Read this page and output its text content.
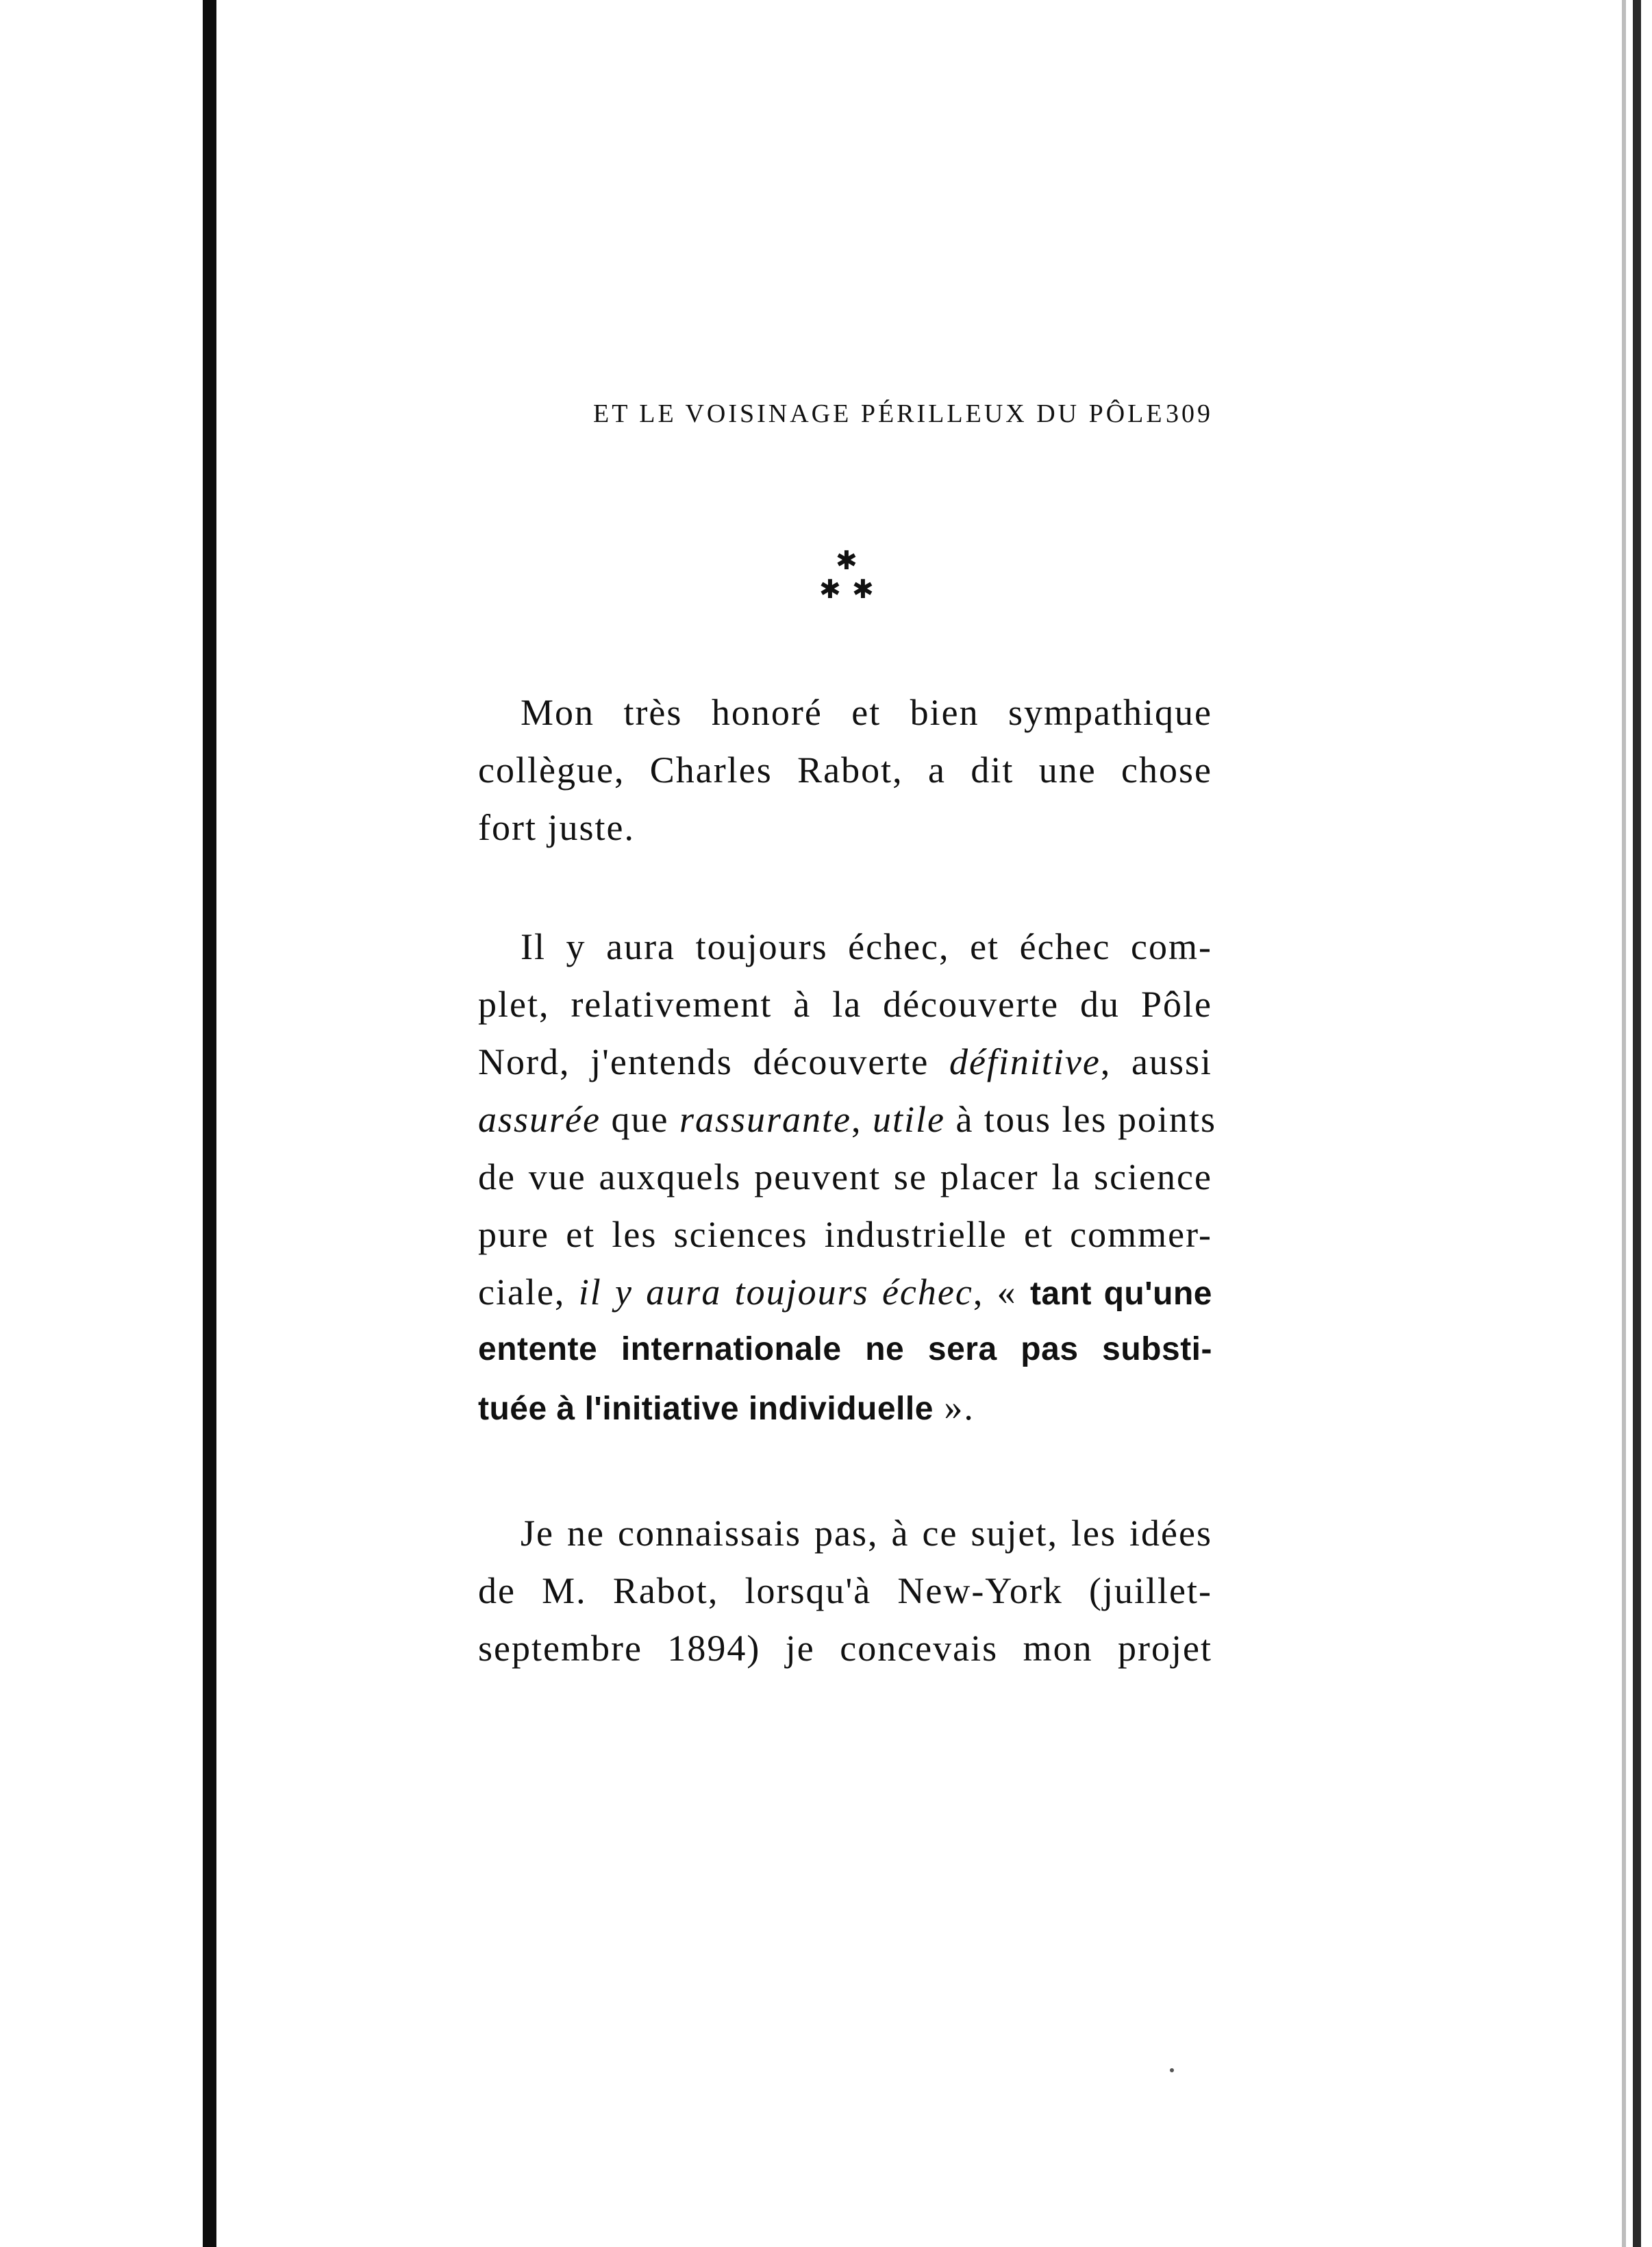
ET LE VOISINAGE PÉRILLEUX DU PÔLE 309
✱
✱ ✱
Mon très honoré et bien sympathique
collègue, Charles Rabot, a dit une chose
fort juste.
Il y aura toujours échec, et échec com-
plet, relativement à la découverte du Pôle
Nord, j'entends découverte définitive, aussi
assurée que rassurante, utile à tous les points
de vue auxquels peuvent se placer la science
pure et les sciences industrielle et commer-
ciale, il y aura toujours échec, « tant qu'une
entente internationale ne sera pas substi-
tuée à l'initiative individuelle ».
Je ne connaissais pas, à ce sujet, les idées
de M. Rabot, lorsqu'à New-York (juillet-
septembre 1894) je concevais mon projet
